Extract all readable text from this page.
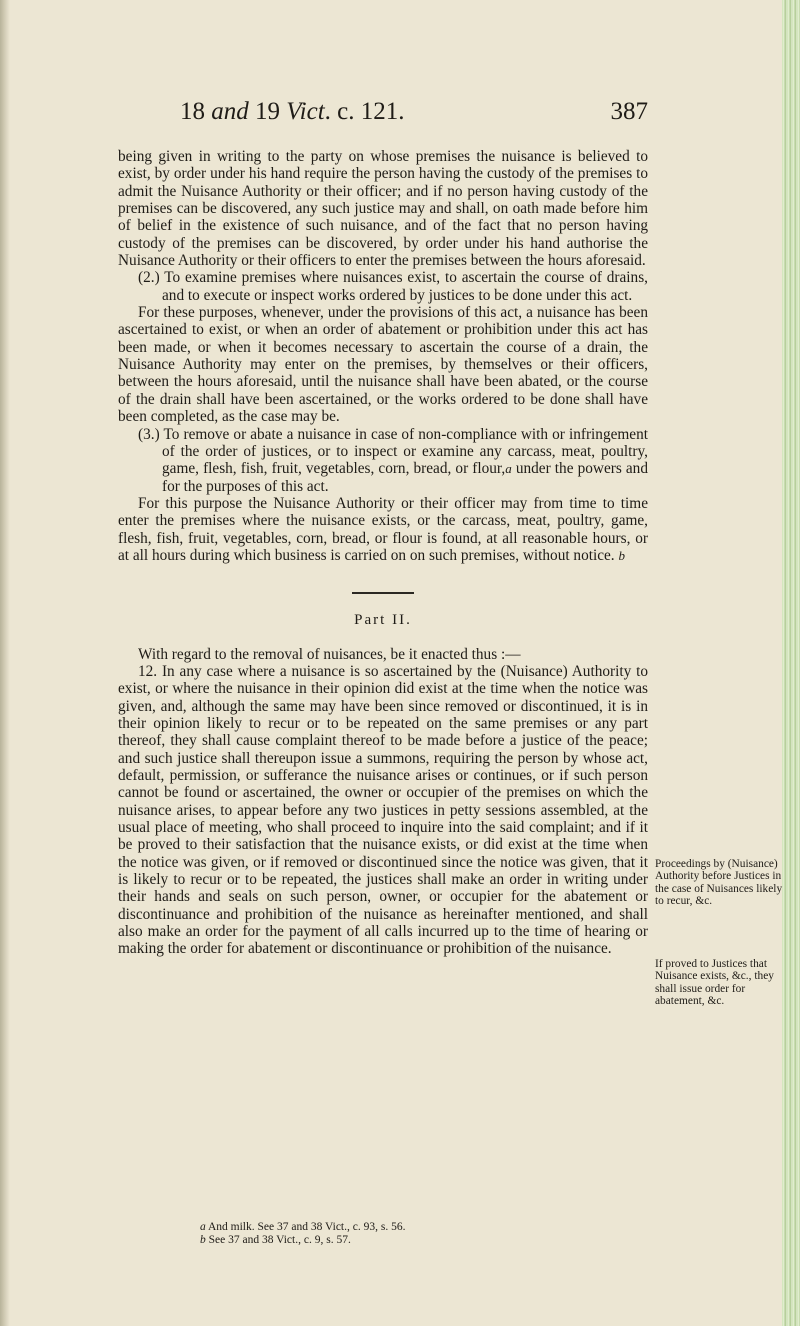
18 and 19 Vict. c. 121.	387

being given in writing to the party on whose premises the nuisance is believed to exist, by order under his hand require the person having the custody of the premises to admit the Nuisance Authority or their officer; and if no person having custody of the premises can be discovered, any such justice may and shall, on oath made before him of belief in the existence of such nuisance, and of the fact that no person having custody of the premises can be discovered, by order under his hand authorise the Nuisance Authority or their officers to enter the premises between the hours aforesaid.

(2.) To examine premises where nuisances exist, to ascertain the course of drains, and to execute or inspect works ordered by justices to be done under this act.

For these purposes, whenever, under the provisions of this act, a nuisance has been ascertained to exist, or when an order of abatement or prohibition under this act has been made, or when it becomes necessary to ascertain the course of a drain, the Nuisance Authority may enter on the premises, by themselves or their officers, between the hours aforesaid, until the nuisance shall have been abated, or the course of the drain shall have been ascertained, or the works ordered to be done shall have been completed, as the case may be.

(3.) To remove or abate a nuisance in case of non-compliance with or infringement of the order of justices, or to inspect or examine any carcass, meat, poultry, game, flesh, fish, fruit, vegetables, corn, bread, or flour,a under the powers and for the purposes of this act.

For this purpose the Nuisance Authority or their officer may from time to time enter the premises where the nuisance exists, or the carcass, meat, poultry, game, flesh, fish, fruit, vegetables, corn, bread, or flour is found, at all reasonable hours, or at all hours during which business is carried on on such premises, without notice. b

Part II.

With regard to the removal of nuisances, be it enacted thus :—

12. In any case where a nuisance is so ascertained by the (Nuisance) Authority to exist, or where the nuisance in their opinion did exist at the time when the notice was given, and, although the same may have been since removed or discontinued, it is in their opinion likely to recur or to be repeated on the same premises or any part thereof, they shall cause complaint thereof to be made before a justice of the peace; and such justice shall thereupon issue a summons, requiring the person by whose act, default, permission, or sufferance the nuisance arises or continues, or if such person cannot be found or ascertained, the owner or occupier of the premises on which the nuisance arises, to appear before any two justices in petty sessions assembled, at the usual place of meeting, who shall proceed to inquire into the said complaint; and if it be proved to their satisfaction that the nuisance exists, or did exist at the time when the notice was given, or if removed or discontinued since the notice was given, that it is likely to recur or to be repeated, the justices shall make an order in writing under their hands and seals on such person, owner, or occupier for the abatement or discontinuance and prohibition of the nuisance as hereinafter mentioned, and shall also make an order for the payment of all calls incurred up to the time of hearing or making the order for abatement or discontinuance or prohibition of the nuisance.

Proceedings by (Nuisance) Authority before Justices in the case of Nuisances likely to recur, &c.
If proved to Justices that Nuisance exists, &c., they shall issue order for abatement, &c.
a And milk. See 37 and 38 Vict., c. 93, s. 56.
b See 37 and 38 Vict., c. 9, s. 57.
